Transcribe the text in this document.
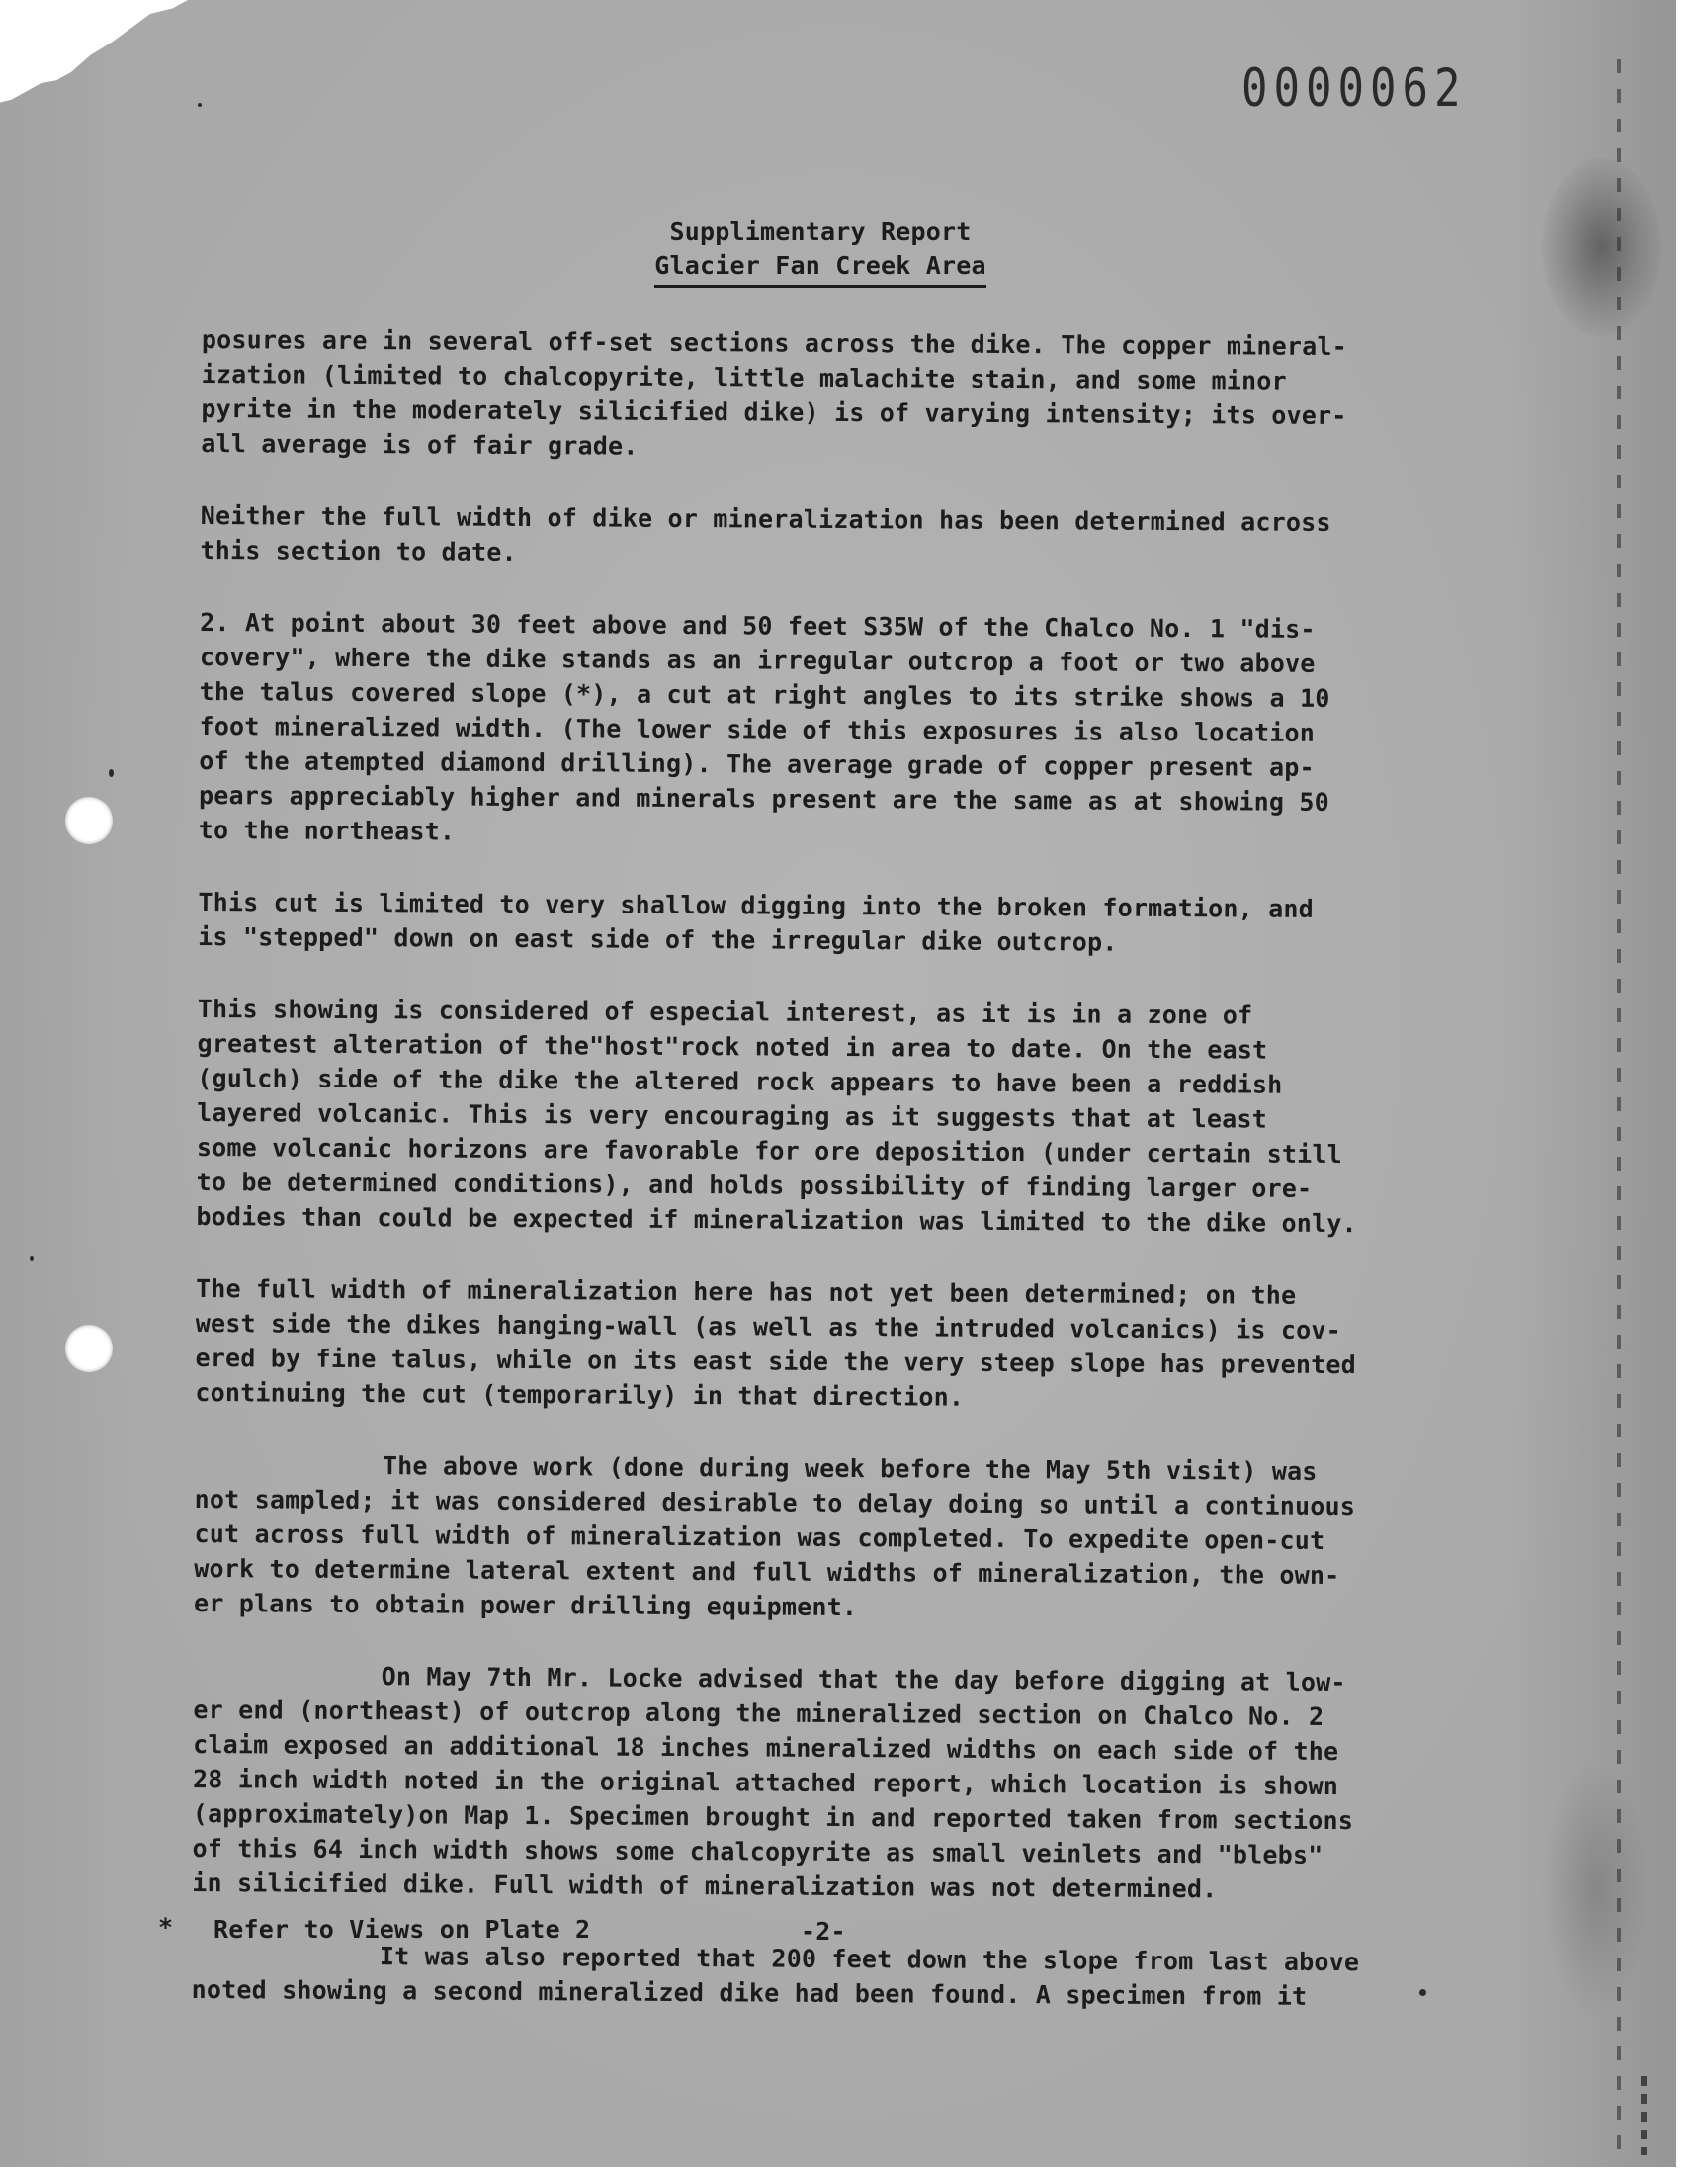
0000062
Supplimentary Report
Glacier Fan Creek Area

posures are in several off-set sections across the dike. The copper mineral-
ization (limited to chalcopyrite, little malachite stain, and some minor
pyrite in the moderately silicified dike) is of varying intensity; its over-
all average is of fair grade.

Neither the full width of dike or mineralization has been determined across
this section to date.

2. At point about 30 feet above and 50 feet S35W of the Chalco No. 1 "dis-
covery", where the dike stands as an irregular outcrop a foot or two above
the talus covered slope (*), a cut at right angles to its strike shows a 10
foot mineralized width. (The lower side of this exposures is also location
of the atempted diamond drilling). The average grade of copper present ap-
pears appreciably higher and minerals present are the same as at showing 50
to the northeast.

This cut is limited to very shallow digging into the broken formation, and
is "stepped" down on east side of the irregular dike outcrop.

This showing is considered of especial interest, as it is in a zone of
greatest alteration of the"host"rock noted in area to date. On the east
(gulch) side of the dike the altered rock appears to have been a reddish
layered volcanic. This is very encouraging as it suggests that at least
some volcanic horizons are favorable for ore deposition (under certain still
to be determined conditions), and holds possibility of finding larger ore-
bodies than could be expected if mineralization was limited to the dike only.

The full width of mineralization here has not yet been determined; on the
west side the dikes hanging-wall (as well as the intruded volcanics) is cov-
ered by fine talus, while on its east side the very steep slope has prevented
continuing the cut (temporarily) in that direction.

The above work (done during week before the May 5th visit) was
not sampled; it was considered desirable to delay doing so until a continuous
cut across full width of mineralization was completed. To expedite open-cut
work to determine lateral extent and full widths of mineralization, the own-
er plans to obtain power drilling equipment.

On May 7th Mr. Locke advised that the day before digging at low-
er end (northeast) of outcrop along the mineralized section on Chalco No. 2
claim exposed an additional 18 inches mineralized widths on each side of the
28 inch width noted in the original attached report, which location is shown
(approximately)on Map 1. Specimen brought in and reported taken from sections
of this 64 inch width shows some chalcopyrite as small veinlets and "blebs"
in silicified dike. Full width of mineralization was not determined.

It was also reported that 200 feet down the slope from last above
noted showing a second mineralized dike had been found. A specimen from it

* Refer to Views on Plate 2	-2-
